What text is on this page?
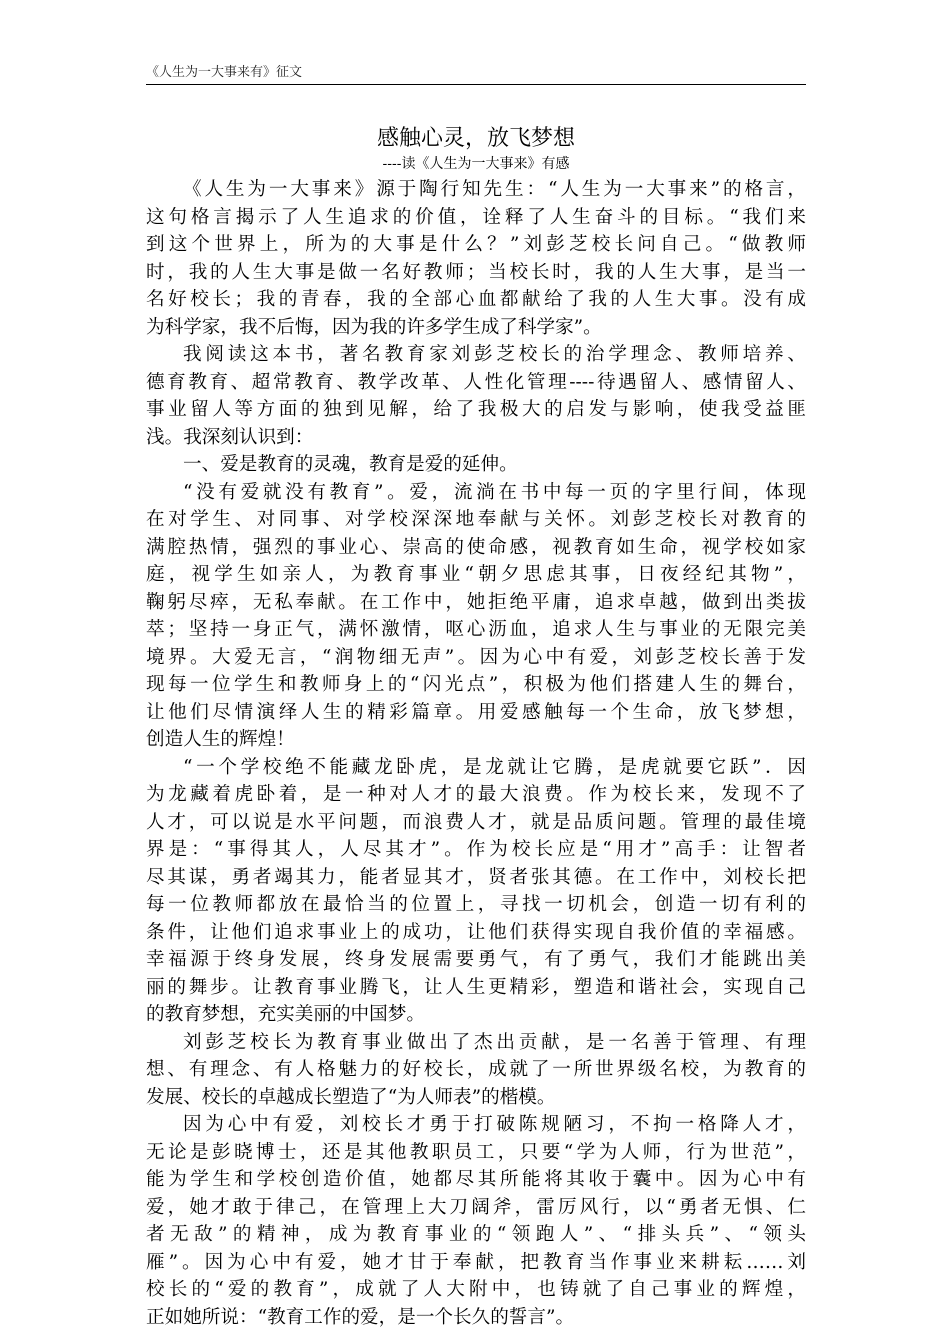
《人生为一大事来有》征文
感触心灵，放飞梦想
----读《人生为一大事来》有感
《人生为一大事来》源于陶行知先生：“人生为一大事来”的格言，
这句格言揭示了人生追求的价值，诠释了人生奋斗的目标。“我们来
到这个世界上，所为的大事是什么？”刘彭芝校长问自己。“做教师
时，我的人生大事是做一名好教师；当校长时，我的人生大事，是当一
名好校长；我的青春，我的全部心血都献给了我的人生大事。没有成
为科学家，我不后悔，因为我的许多学生成了科学家”。
我阅读这本书，著名教育家刘彭芝校长的治学理念、教师培养、
德育教育、超常教育、教学改革、人性化管理----待遇留人、感情留人、
事业留人等方面的独到见解，给了我极大的启发与影响，使我受益匪
浅。我深刻认识到：
一、爱是教育的灵魂，教育是爱的延伸。
“没有爱就没有教育”。爱，流淌在书中每一页的字里行间，体现
在对学生、对同事、对学校深深地奉献与关怀。刘彭芝校长对教育的
满腔热情，强烈的事业心、崇高的使命感，视教育如生命，视学校如家
庭，视学生如亲人，为教育事业“朝夕思虑其事，日夜经纪其物”，
鞠躬尽瘁，无私奉献。在工作中，她拒绝平庸，追求卓越，做到出类拔
萃；坚持一身正气，满怀激情，呕心沥血，追求人生与事业的无限完美
境界。大爱无言，“润物细无声”。因为心中有爱，刘彭芝校长善于发
现每一位学生和教师身上的“闪光点”，积极为他们搭建人生的舞台，
让他们尽情演绎人生的精彩篇章。用爱感触每一个生命，放飞梦想，
创造人生的辉煌！
“一个学校绝不能藏龙卧虎，是龙就让它腾，是虎就要它跃”．因
为龙藏着虎卧着，是一种对人才的最大浪费。作为校长来，发现不了
人才，可以说是水平问题，而浪费人才，就是品质问题。管理的最佳境
界是：“事得其人，人尽其才”。作为校长应是“用才”高手：让智者
尽其谋，勇者竭其力，能者显其才，贤者张其德。在工作中，刘校长把
每一位教师都放在最恰当的位置上，寻找一切机会，创造一切有利的
条件，让他们追求事业上的成功，让他们获得实现自我价值的幸福感。
幸福源于终身发展，终身发展需要勇气，有了勇气，我们才能跳出美
丽的舞步。让教育事业腾飞，让人生更精彩，塑造和谐社会，实现自己
的教育梦想，充实美丽的中国梦。
刘彭芝校长为教育事业做出了杰出贡献，是一名善于管理、有理
想、有理念、有人格魅力的好校长，成就了一所世界级名校，为教育的
发展、校长的卓越成长塑造了“为人师表”的楷模。
因为心中有爱，刘校长才勇于打破陈规陋习，不拘一格降人才，
无论是彭晓博士，还是其他教职员工，只要“学为人师，行为世范”，
能为学生和学校创造价值，她都尽其所能将其收于囊中。因为心中有
爱，她才敢于律己，在管理上大刀阔斧，雷厉风行，以“勇者无惧、仁
者无敌”的精神，成为教育事业的“领跑人”、“排头兵”、“领头
雁”。因为心中有爱，她才甘于奉献，把教育当作事业来耕耘……刘
校长的“爱的教育”，成就了人大附中，也铸就了自己事业的辉煌，
正如她所说：“教育工作的爱，是一个长久的誓言”。
